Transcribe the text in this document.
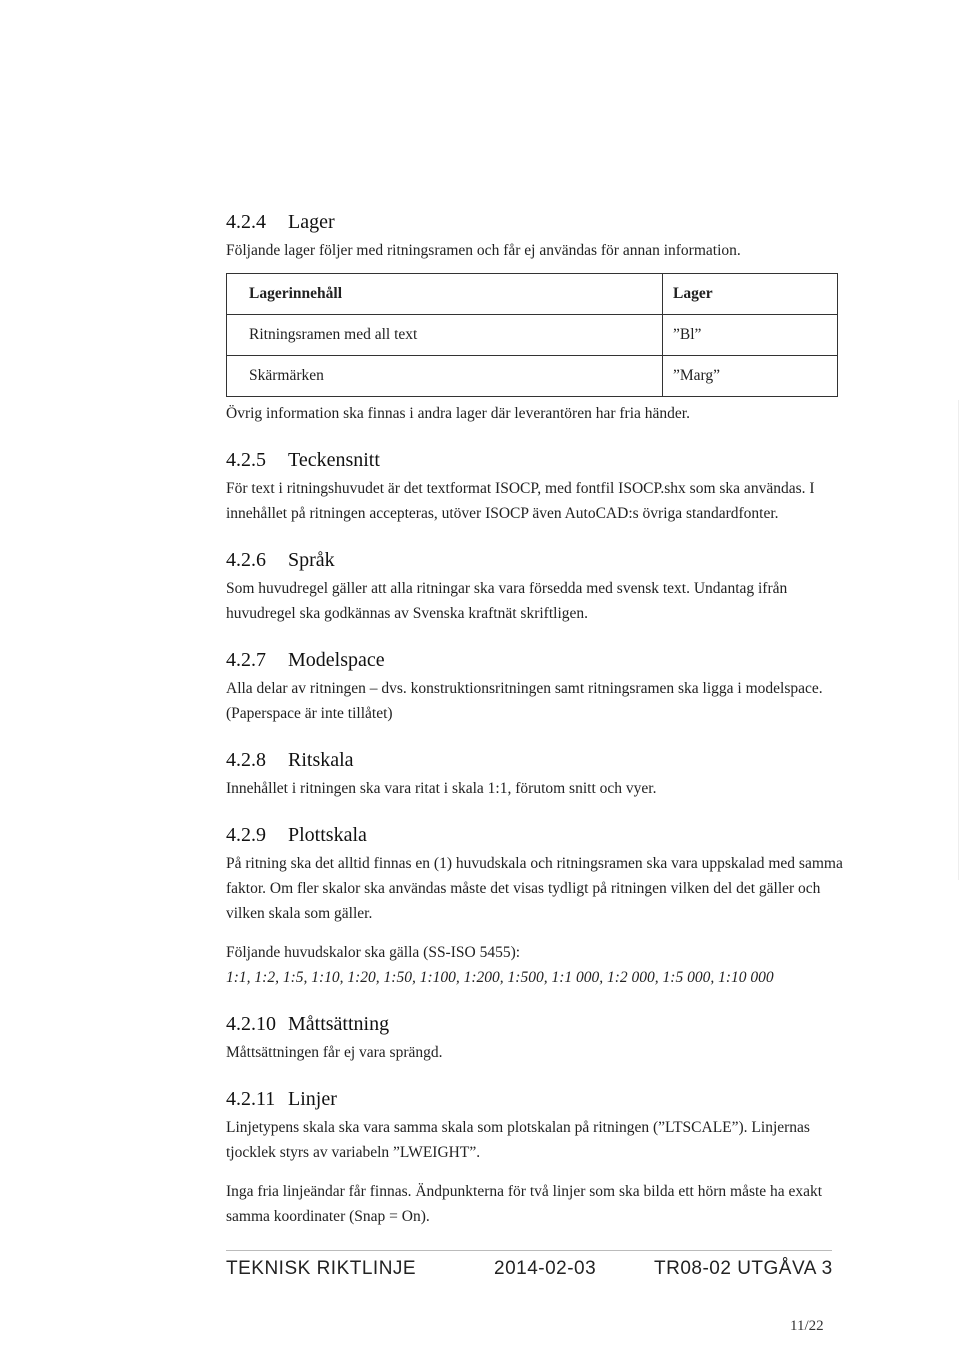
4.2.4 Lager

Följande lager följer med ritningsramen och får ej användas för annan information.

Lagerinnehåll	Lager
Ritningsramen med all text	”Bl”
Skärmärken	”Marg”

Övrig information ska finnas i andra lager där leverantören har fria händer.

4.2.5 Teckensnitt

För text i ritningshuvudet är det textformat ISOCP, med fontfil ISOCP.shx som ska användas. I innehållet på ritningen accepteras, utöver ISOCP även AutoCAD:s övriga standardfonter.

4.2.6 Språk

Som huvudregel gäller att alla ritningar ska vara försedda med svensk text. Undantag ifrån huvudregel ska godkännas av Svenska kraftnät skriftligen.

4.2.7 Modelspace

Alla delar av ritningen – dvs. konstruktionsritningen samt ritningsramen ska ligga i modelspace. (Paperspace är inte tillåtet)

4.2.8 Ritskala

Innehållet i ritningen ska vara ritat i skala 1:1, förutom snitt och vyer.

4.2.9 Plottskala

På ritning ska det alltid finnas en (1) huvudskala och ritningsramen ska vara uppskalad med samma faktor. Om fler skalor ska användas måste det visas tydligt på ritningen vilken del det gäller och vilken skala som gäller.

Följande huvudskalor ska gälla (SS-ISO 5455):

1:1, 1:2, 1:5, 1:10, 1:20, 1:50, 1:100, 1:200, 1:500, 1:1 000, 1:2 000, 1:5 000, 1:10 000

4.2.10 Måttsättning

Måttsättningen får ej vara sprängd.

4.2.11 Linjer

Linjetypens skala ska vara samma skala som plotskalan på ritningen (”LTSCALE”). Linjernas tjocklek styrs av variabeln ”LWEIGHT”.

Inga fria linjeändar får finnas. Ändpunkterna för två linjer som ska bilda ett hörn måste ha exakt samma koordinater (Snap = On).

TEKNISK RIKTLINJE	2014-02-03	TR08-02 UTGÅVA 3
11/22
